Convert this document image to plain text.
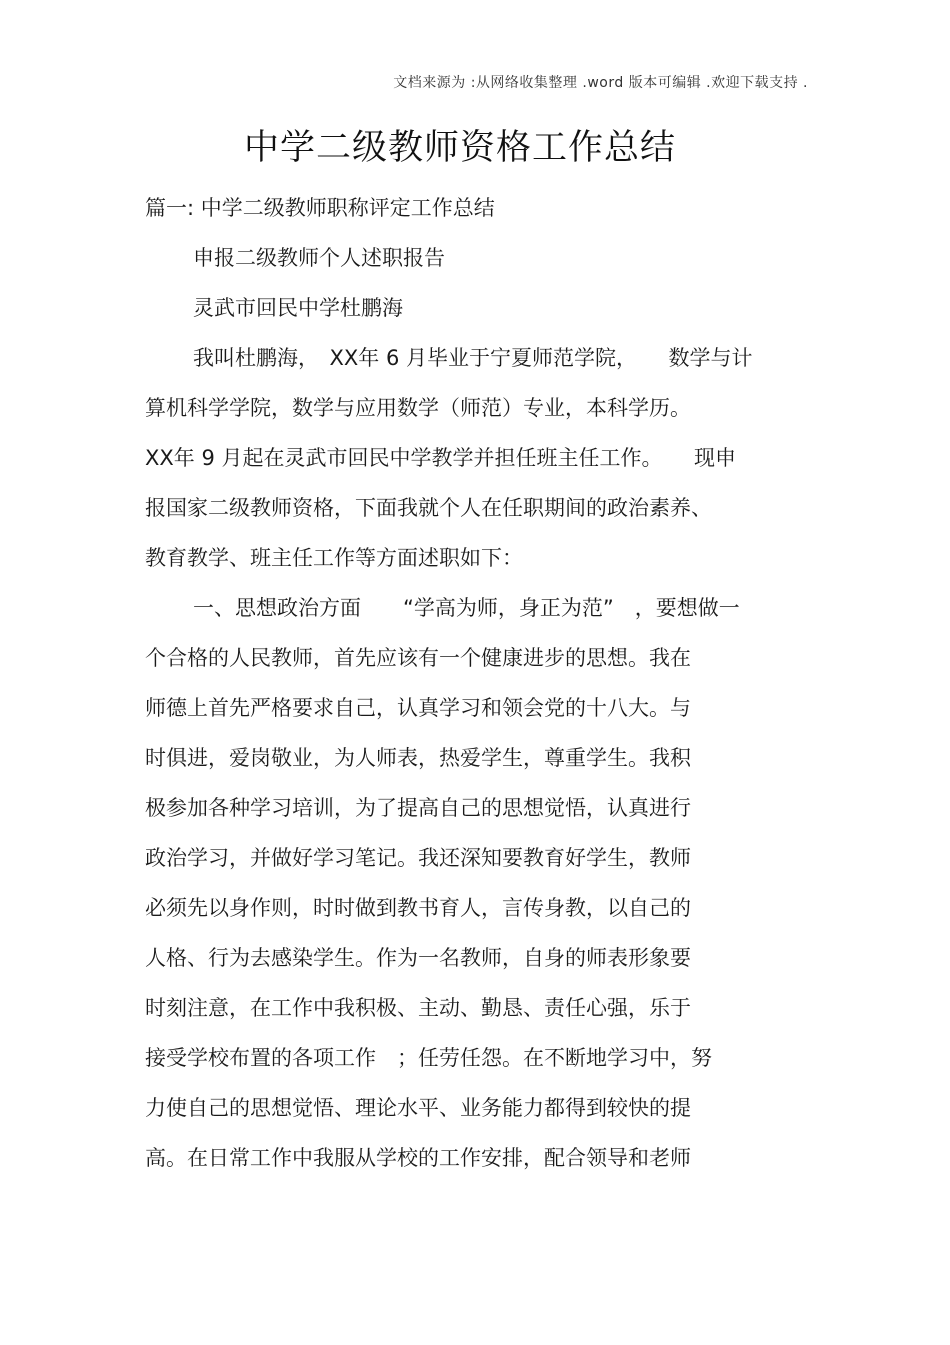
文档来源为 :从网络收集整理 .word 版本可编辑 .欢迎下载支持 .
中学二级教师资格工作总结
篇一: 中学二级教师职称评定工作总结
申报二级教师个人述职报告
灵武市回民中学杜鹏海
我叫杜鹏海，　XX年 6 月毕业于宁夏师范学院，　　数学与计
算机科学学院，数学与应用数学（师范）专业，本科学历。
XX年 9 月起在灵武市回民中学教学并担任班主任工作。　　现申
报国家二级教师资格，下面我就个人在任职期间的政治素养、
教育教学、班主任工作等方面述职如下：
一、思想政治方面　　“学高为师，身正为范”　，要想做一
个合格的人民教师，首先应该有一个健康进步的思想。我在
师德上首先严格要求自己，认真学习和领会党的十八大。与
时俱进，爱岗敬业，为人师表，热爱学生，尊重学生。我积
极参加各种学习培训，为了提高自己的思想觉悟，认真进行
政治学习，并做好学习笔记。我还深知要教育好学生，教师
必须先以身作则，时时做到教书育人，言传身教，以自己的
人格、行为去感染学生。作为一名教师，自身的师表形象要
时刻注意，在工作中我积极、主动、勤恳、责任心强，乐于
接受学校布置的各项工作　；任劳任怨。在不断地学习中，努
力使自己的思想觉悟、理论水平、业务能力都得到较快的提
高。在日常工作中我服从学校的工作安排，配合领导和老师
